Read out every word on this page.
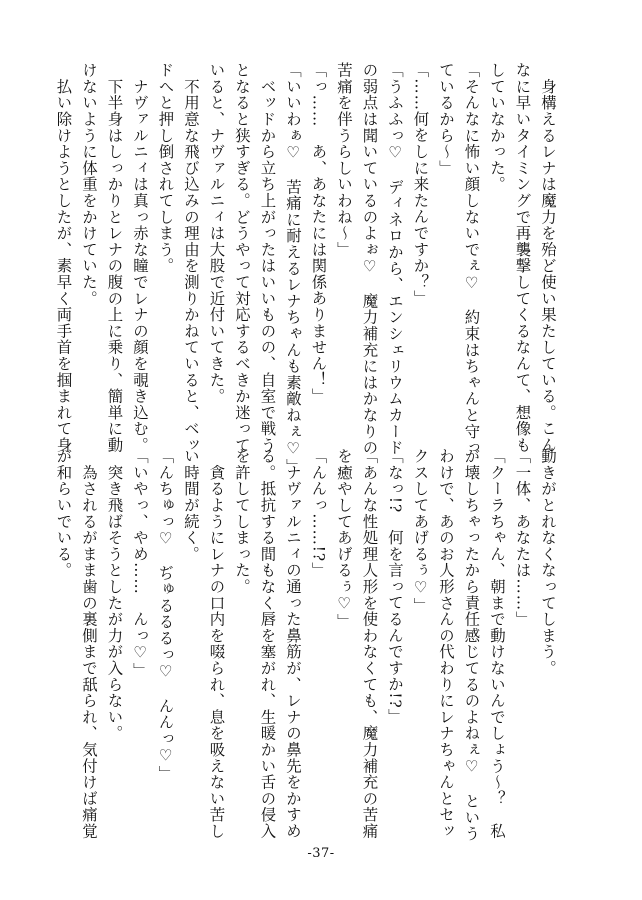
　身構えるレナは魔力を殆ど使い果たしている。こん
なに早いタイミングで再襲撃してくるなんて、想像も
していなかった。
「そんなに怖い顔しないでぇ♡　約束はちゃんと守っ
ているから～」
「……何をしに来たんですか？」
「うふふっ♡　ディネロから、エンシェリウムカード
の弱点は聞いているのよぉ♡　魔力補充にはかなりの
苦痛を伴うらしいわね～」
「っ……　あ、あなたには関係ありません！」
「いいわぁ♡　苦痛に耐えるレナちゃんも素敵ねぇ♡」
　ベッドから立ち上がったはいいものの、自室で戦う
となると狭すぎる。どうやって対応するべきか迷って
いると、ナヴァルニィは大股で近付いてきた。
　不用意な飛び込みの理由を測りかねていると、ベッ
ドへと押し倒されてしまう。
　ナヴァルニィは真っ赤な瞳でレナの顔を覗き込む。
　下半身はしっかりとレナの腹の上に乗り、簡単に動
けないように体重をかけていた。
　払い除けようとしたが、素早く両手首を掴まれて身
動きがとれなくなってしまう。
「一体、あなたは……」
「クーラちゃん、朝まで動けないんでしょう～？　私
が壊しちゃったから責任感じてるのよねぇ♡　という
わけで、あのお人形さんの代わりにレナちゃんとセッ
クスしてあげるぅ♡」
「なっ!?　何を言ってるんですか!?」
「あんな性処理人形を使わなくても、魔力補充の苦痛
を癒やしてあげるぅ♡」
「んんっ……!?」
　ナヴァルニィの通った鼻筋が、レナの鼻先をかすめ
る。抵抗する間もなく唇を塞がれ、生暖かい舌の侵入
を許してしまった。
　貪るようにレナの口内を啜られ、息を吸えない苦し
い時間が続く。
「んちゅっ♡　ぢゅるるるっ♡　んんっ♡」
「いやっ、やめ……　んっ♡」
　突き飛ばそうとしたが力が入らない。
　為されるがまま歯の裏側まで舐られ、気付けば痛覚
が和らいでいる。
-37-
